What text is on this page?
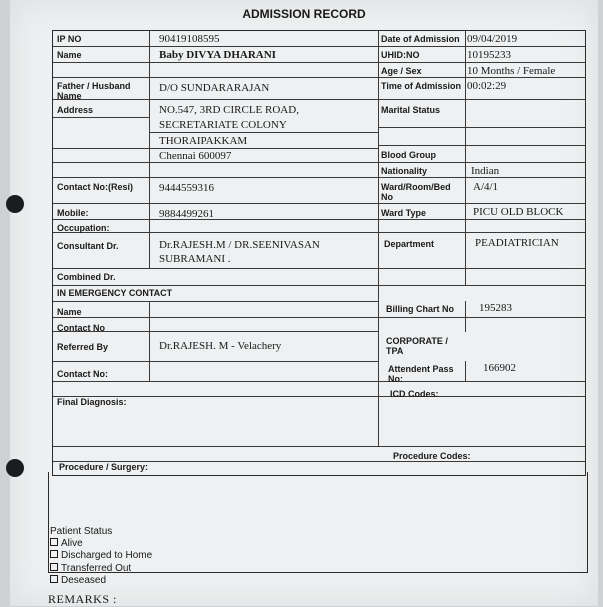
ADMISSION RECORD
IP NO
Name
Father / Husband
Name
Address
Contact No:(Resi)
Mobile:
Occupation:
Consultant Dr.
Combined Dr.
IN EMERGENCY CONTACT
Name
Contact No
Referred By
Contact No:
Final Diagnosis:
Date of Admission
UHID:NO
Age / Sex
Time of Admission
Marital Status
Blood Group
Nationality
Ward/Room/Bed
No
Ward Type
Department
Billing Chart No
CORPORATE /
TPA
Attendent Pass
No:
ICD Codes:
Procedure Codes:
Procedure / Surgery:
90419108595
Baby DIVYA DHARANI
D/O SUNDARARAJAN
NO.547, 3RD CIRCLE ROAD,
SECRETARIATE COLONY
THORAIPAKKAM
Chennai 600097
9444559316
9884499261
Dr.RAJESH.M / DR.SEENIVASAN
SUBRAMANI .
Dr.RAJESH. M - Velachery
09/04/2019
10195233
10 Months / Female
00:02:29
Indian
A/4/1
PICU OLD BLOCK
PEADIATRICIAN
195283
166902
Patient Status
Alive
Discharged to Home
Transferred Out
Deseased
REMARKS :
